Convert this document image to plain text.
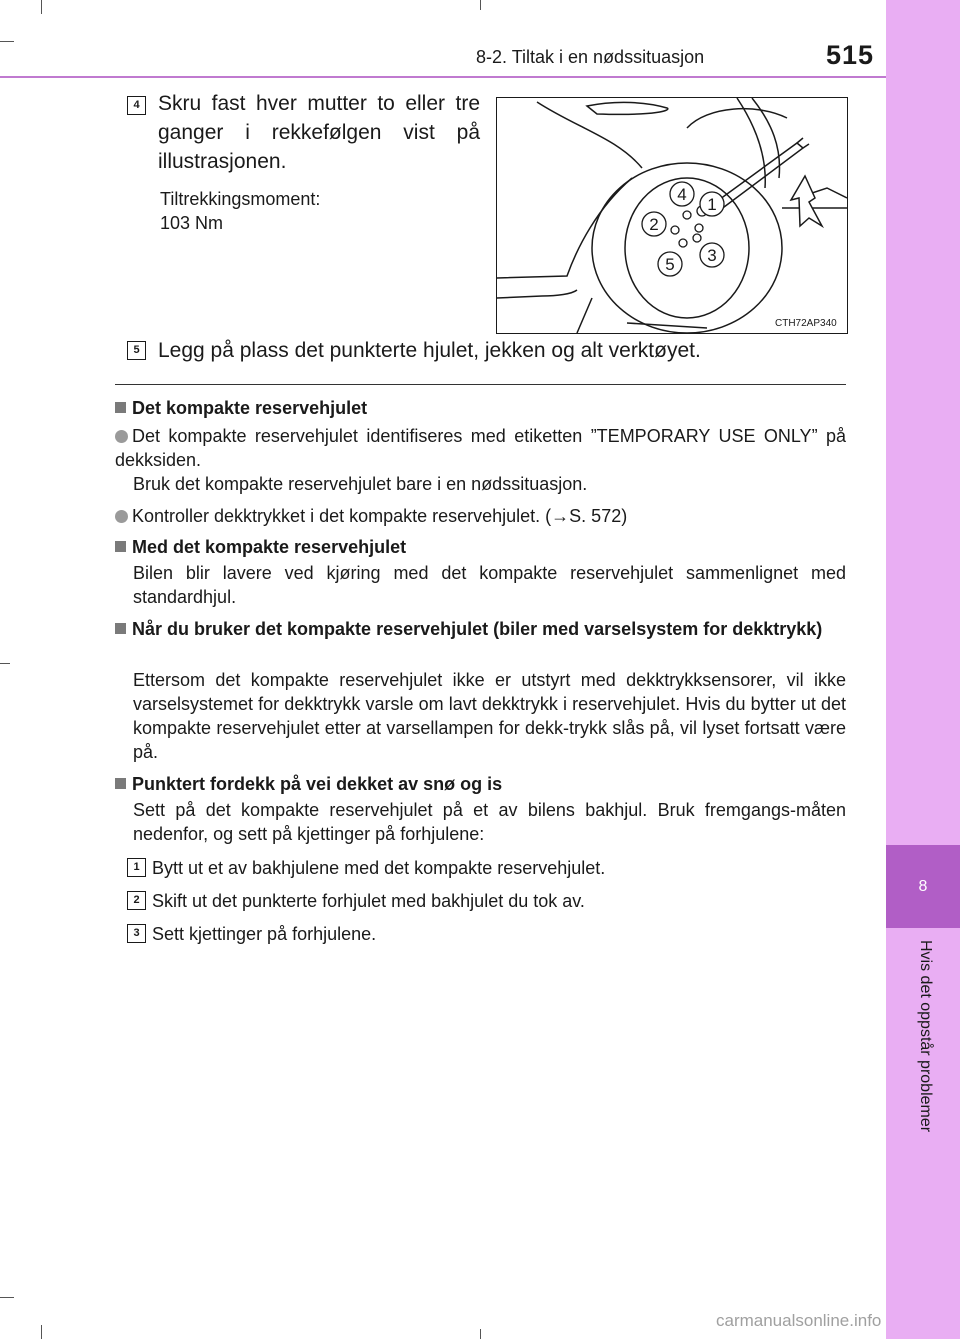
8-2. Tiltak i en nødssituasjon	515
8
Hvis det oppstår problemer
4 Skru fast hver mutter to eller tre ganger i rekkefølgen vist på illustrasjonen.
Tiltrekkingsmoment:
103 Nm
4
1
2
3
5
CTH72AP340
5 Legg på plass det punkterte hjulet, jekken og alt verktøyet.
Det kompakte reservehjulet
Det kompakte reservehjulet identifiseres med etiketten ”TEMPORARY USE ONLY” på dekksiden.
Bruk det kompakte reservehjulet bare i en nødssituasjon.
Kontroller dekktrykket i det kompakte reservehjulet. (→S. 572)
Med det kompakte reservehjulet
Bilen blir lavere ved kjøring med det kompakte reservehjulet sammenlignet med standardhjul.
Når du bruker det kompakte reservehjulet (biler med varselsystem for dekktrykk)
Ettersom det kompakte reservehjulet ikke er utstyrt med dekktrykksensorer, vil ikke varselsystemet for dekktrykk varsle om lavt dekktrykk i reservehjulet. Hvis du bytter ut det kompakte reservehjulet etter at varsellampen for dekk-trykk slås på, vil lyset fortsatt være på.
Punktert fordekk på vei dekket av snø og is
Sett på det kompakte reservehjulet på et av bilens bakhjul. Bruk fremgangs-måten nedenfor, og sett på kjettinger på forhjulene:
1 Bytt ut et av bakhjulene med det kompakte reservehjulet.
2 Skift ut det punkterte forhjulet med bakhjulet du tok av.
3 Sett kjettinger på forhjulene.
carmanualsonline.info
